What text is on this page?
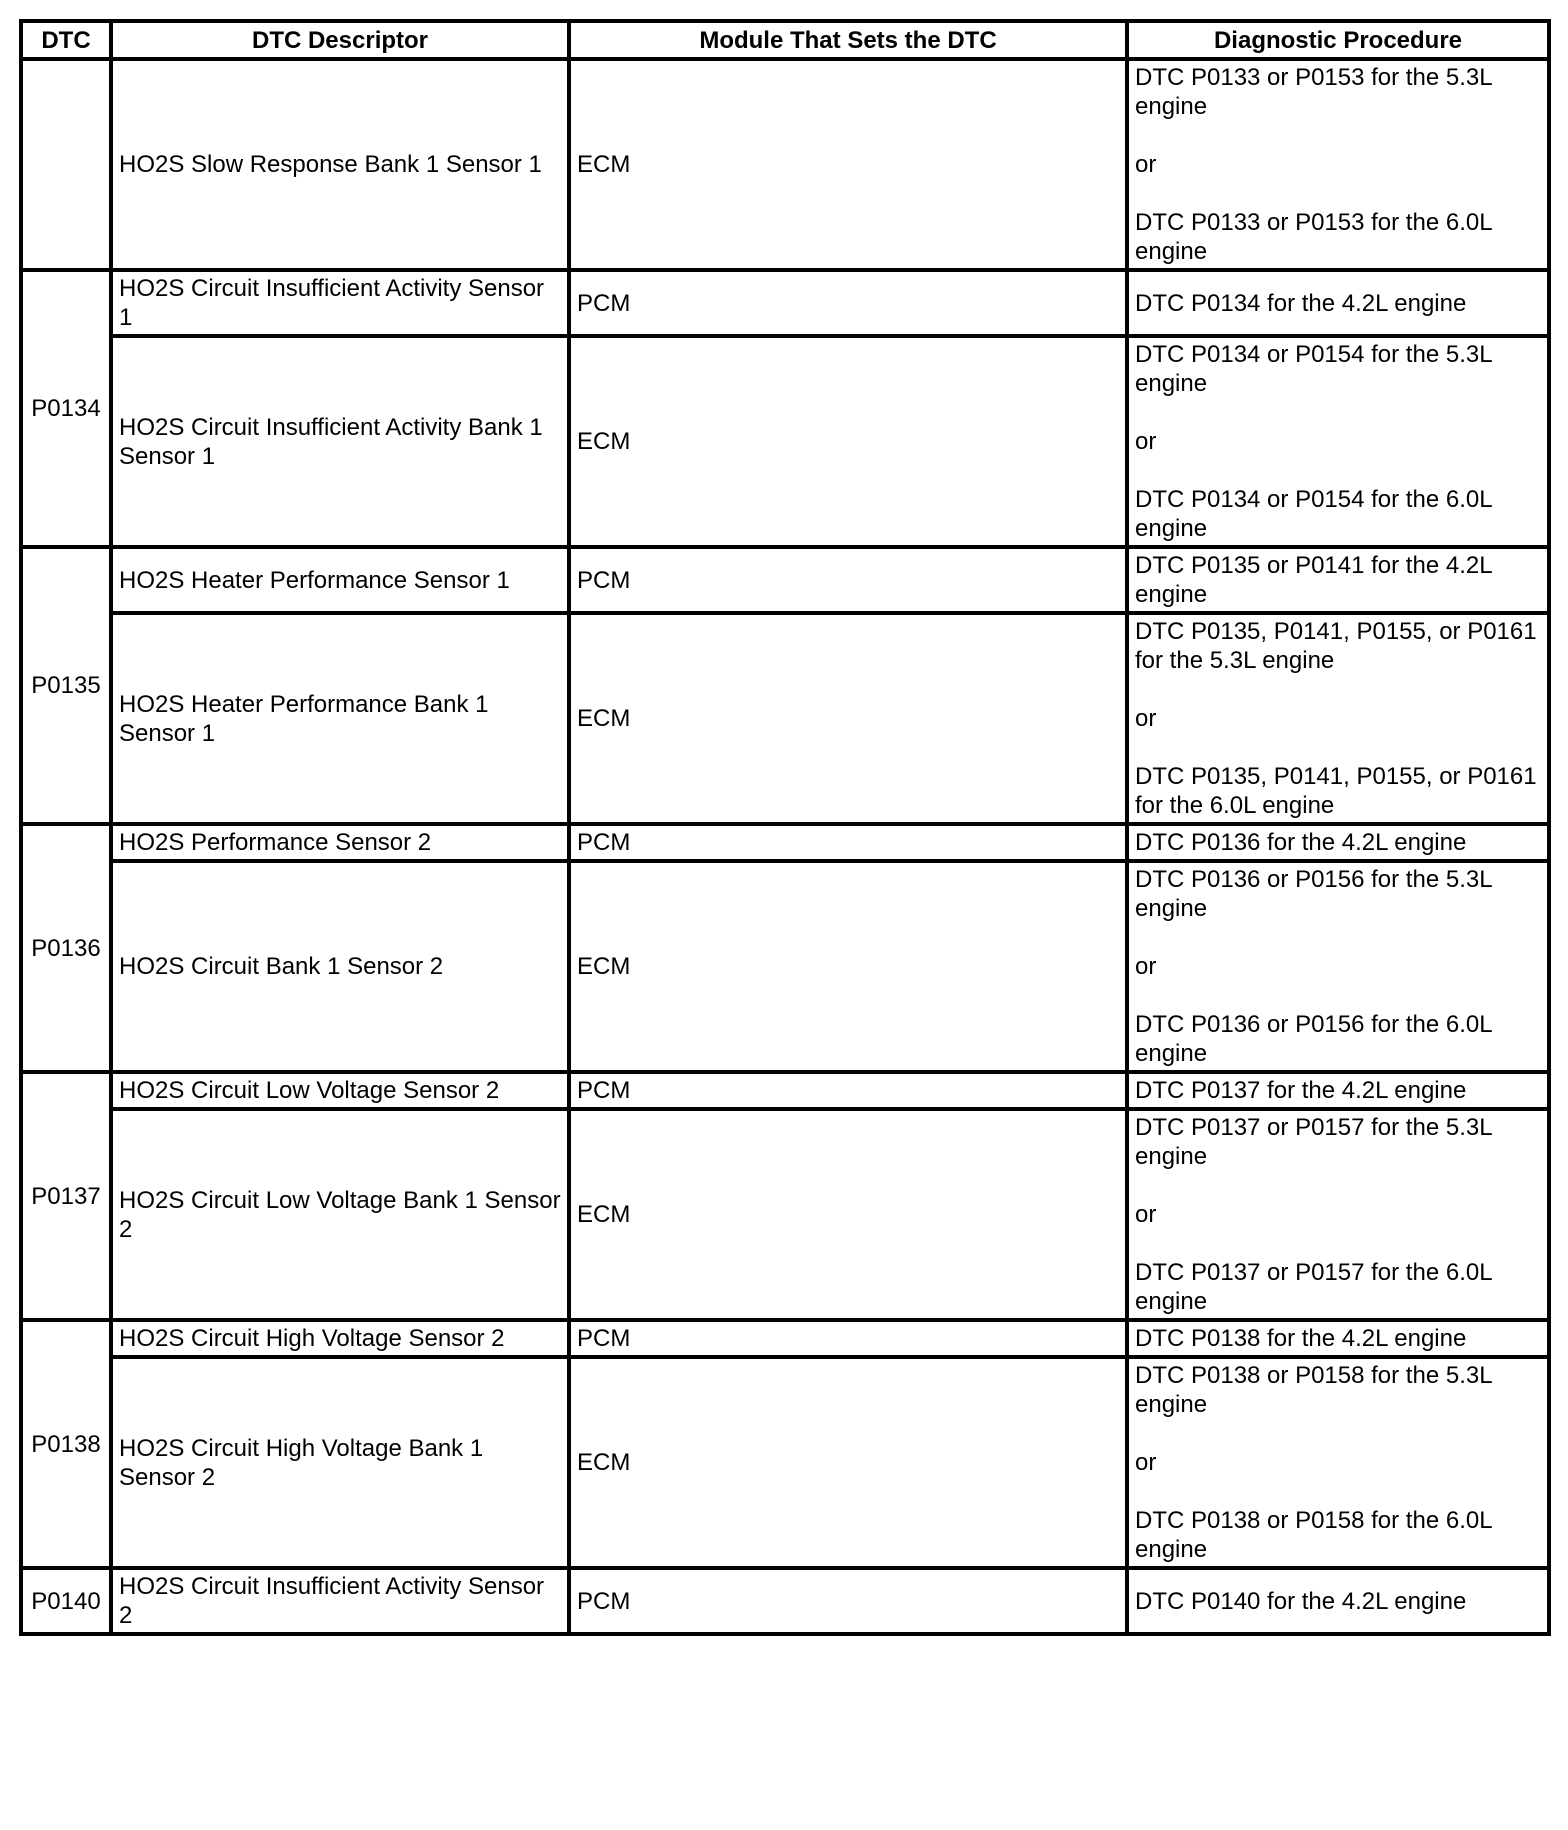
DTC	DTC Descriptor	Module That Sets the DTC	Diagnostic Procedure
	HO2S Slow Response Bank 1 Sensor 1	ECM	DTC P0133 or P0153 for the 5.3L engine
or
DTC P0133 or P0153 for the 6.0L engine

P0134	HO2S Circuit Insufficient Activity Sensor 1	PCM	DTC P0134 for the 4.2L engine

	HO2S Circuit Insufficient Activity Bank 1 Sensor 1	ECM	DTC P0134 or P0154 for the 5.3L engine
or
DTC P0134 or P0154 for the 6.0L engine

P0135	HO2S Heater Performance Sensor 1	PCM	DTC P0135 or P0141 for the 4.2L engine

	HO2S Heater Performance Bank 1 Sensor 1	ECM	DTC P0135, P0141, P0155, or P0161 for the 5.3L engine
or
DTC P0135, P0141, P0155, or P0161 for the 6.0L engine

P0136	HO2S Performance Sensor 2	PCM	DTC P0136 for the 4.2L engine

	HO2S Circuit Bank 1 Sensor 2	ECM	DTC P0136 or P0156 for the 5.3L engine
or
DTC P0136 or P0156 for the 6.0L engine

P0137	HO2S Circuit Low Voltage Sensor 2	PCM	DTC P0137 for the 4.2L engine

	HO2S Circuit Low Voltage Bank 1 Sensor 2	ECM	DTC P0137 or P0157 for the 5.3L engine
or
DTC P0137 or P0157 for the 6.0L engine

P0138	HO2S Circuit High Voltage Sensor 2	PCM	DTC P0138 for the 4.2L engine

	HO2S Circuit High Voltage Bank 1 Sensor 2	ECM	DTC P0138 or P0158 for the 5.3L engine
or
DTC P0138 or P0158 for the 6.0L engine

P0140	HO2S Circuit Insufficient Activity Sensor 2	PCM	DTC P0140 for the 4.2L engine
